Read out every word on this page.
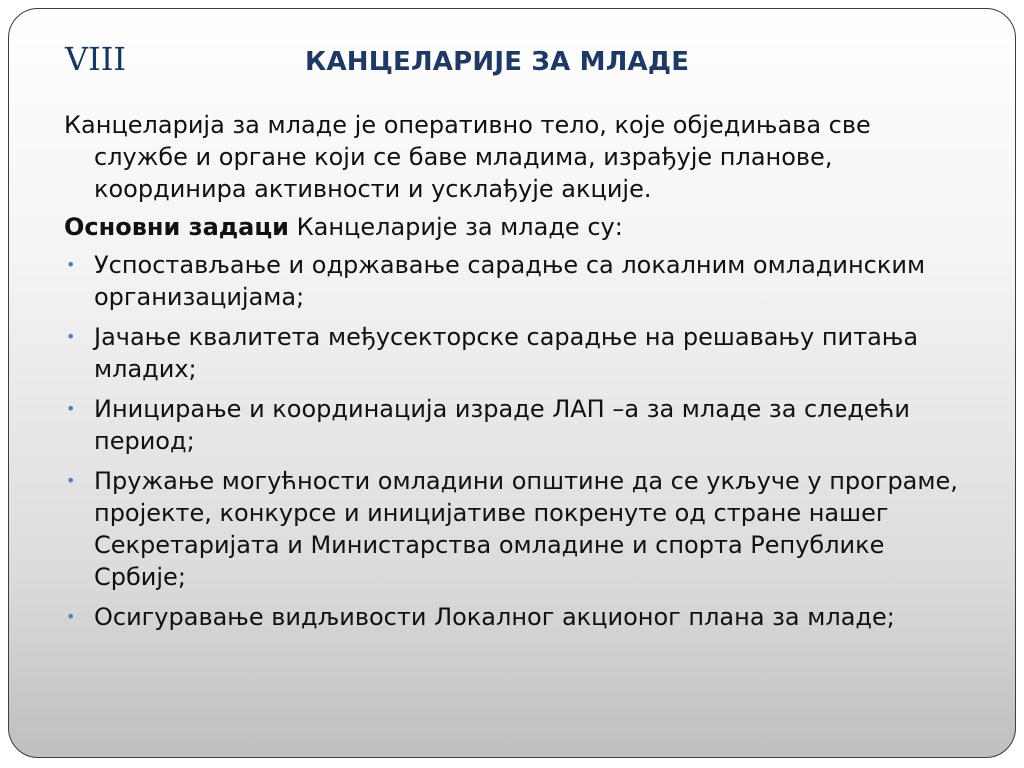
VIII	КАНЦЕЛАРИЈЕ ЗА МЛАДЕ

Канцеларија за младе је оперативно тело, које обједињава све службе и органе који се баве младима, израђује планове, координира активности и усклађује акције.

Основни задаци Канцеларије за младе су:

• Успостављање и одржавање сарадње са локалним омладинским организацијама;
• Јачање квалитета међусекторске сарадње на решавању питања младих;
• Иницирање и координација израде ЛАП –а за младе за следећи период;
• Пружање могућности омладини општине да се укључе у програме, пројекте, конкурсе и иницијативе покренуте од стране нашег Секретаријата и Министарства омладине и спорта Републике Србије;
• Осигуравање видљивости Локалног акционог плана за младе;
